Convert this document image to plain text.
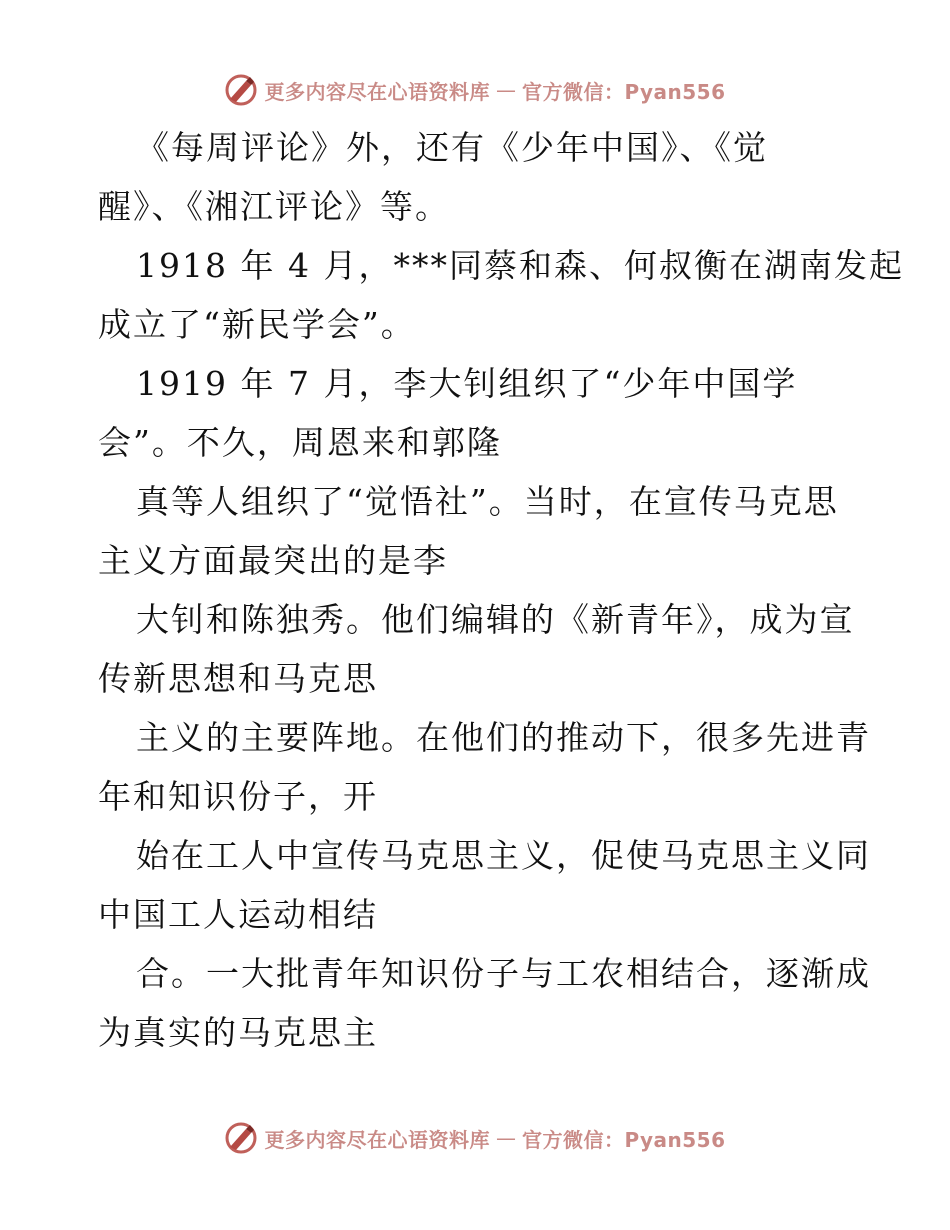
更多内容尽在心语资料库 — 官方微信：Pyan556
《每周评论》外，还有《少年中国》、《觉
醒》、《湘江评论》等。
1918 年 4 月，***同蔡和森、何叔衡在湖南发起
成立了“新民学会”。
1919 年 7 月，李大钊组织了“少年中国学
会”。不久，周恩来和郭隆
真等人组织了“觉悟社”。当时，在宣传马克思
主义方面最突出的是李
大钊和陈独秀。他们编辑的《新青年》，成为宣
传新思想和马克思
主义的主要阵地。在他们的推动下，很多先进青
年和知识份子，开
始在工人中宣传马克思主义，促使马克思主义同
中国工人运动相结
合。一大批青年知识份子与工农相结合，逐渐成
为真实的马克思主
更多内容尽在心语资料库 — 官方微信：Pyan556
